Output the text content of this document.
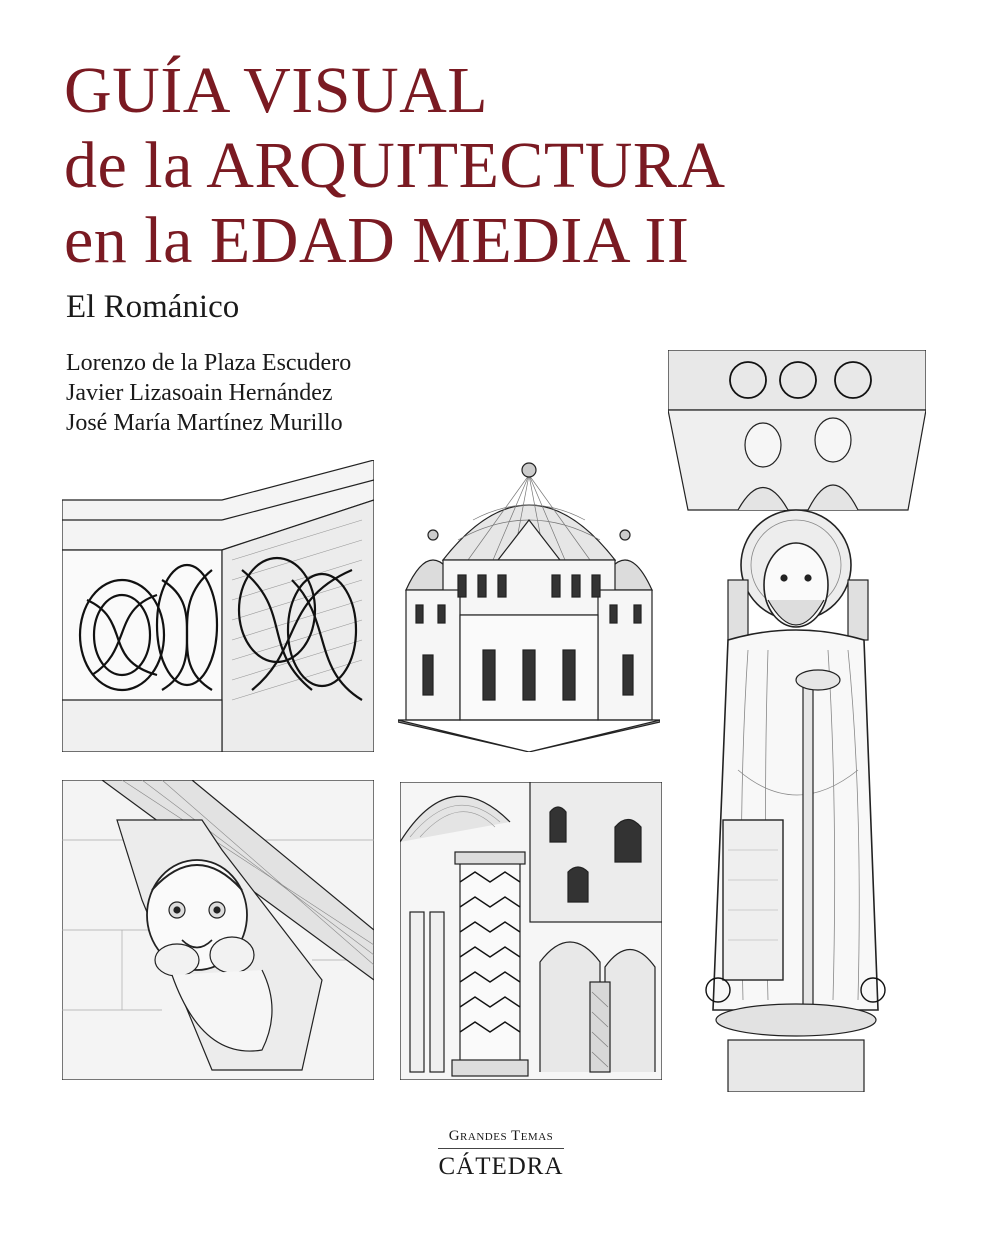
GUÍA VISUAL
de la ARQUITECTURA
en la EDAD MEDIA II
El Románico
Lorenzo de la Plaza Escudero
Javier Lizasoain Hernández
José María Martínez Murillo
Grandes Temas
CÁTEDRA
